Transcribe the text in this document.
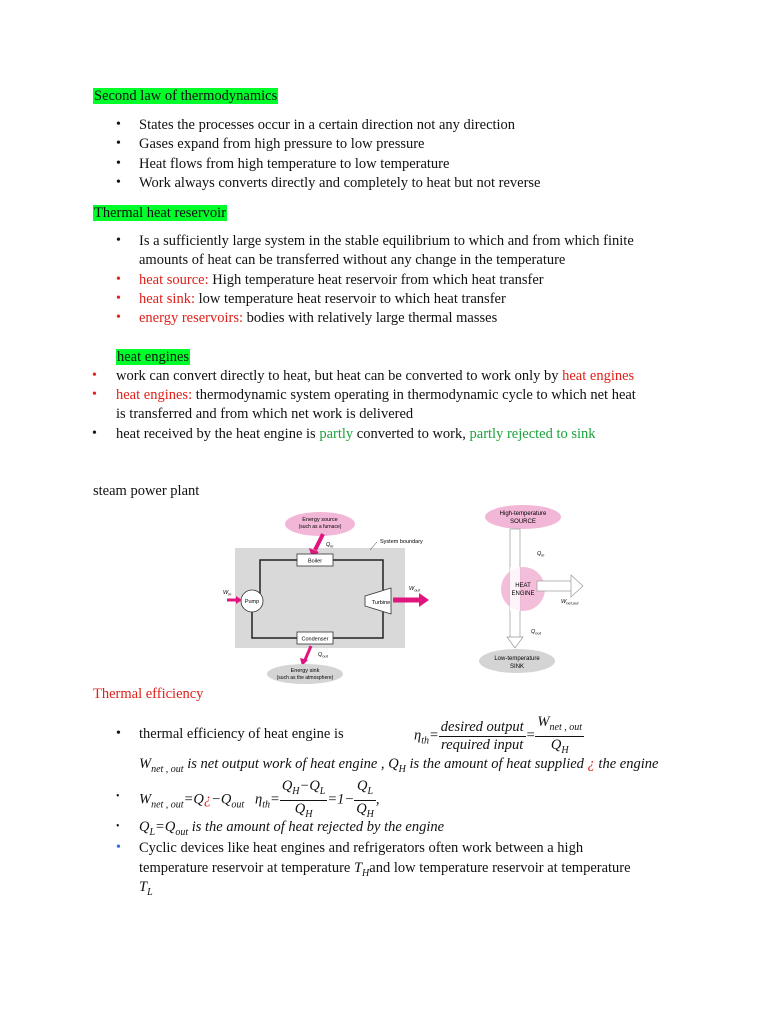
Second law of thermodynamics
• States the processes occur in a certain direction not any direction
• Gases expand from high pressure to low pressure
• Heat flows from high temperature to low temperature
• Work always converts directly and completely to heat but not reverse
Thermal heat reservoir
• Is a sufficiently large system in the stable equilibrium to which and from which finite
amounts of heat can be transferred without any change in the temperature
• heat source: High temperature heat reservoir from which heat transfer
• heat sink: low temperature heat reservoir to which heat transfer
• energy reservoirs: bodies with relatively large thermal masses
heat engines
• work can convert directly to heat, but heat can be converted to work only by heat engines
• heat engines: thermodynamic system operating in thermodynamic cycle to which net heat
is transferred and from which net work is delivered
• heat received by the heat engine is partly converted to work, partly rejected to sink
steam power plant
Energy source
(such as a furnace)
$Q_{in}$
System boundary
Boiler
Pump
$W_{in}$
Turbine
$W_{out}$
Condenser
$Q_{out}$
Energy sink
(such as the atmosphere)
High-temperature
SOURCE
$Q_{in}$
HEAT
ENGINE
$W_{net,out}$
$Q_{out}$
Low-temperature
SINK
Thermal efficiency
• thermal efficiency of heat engine is	$\eta_{th}= \frac{\text{desired output}}{\text{required input}} = \frac{W_{net , out}}{Q_H}$
$W_{net , out}$ is net output work of heat engine , $Q_H$ is the amount of heat supplied ¿ the engine
• $W_{net , out}=Q¿-Q_{out}$ $\eta_{th}= \frac{Q_H-Q_L}{Q_H} =1- \frac{Q_L}{Q_H}$ ,
• $Q_L=Q_{out}$ is the amount of heat rejected by the engine
• Cyclic devices like heat engines and refrigerators often work between a high
temperature reservoir at temperature $T_Hand$ low temperature reservoir at temperature
$T_L$
